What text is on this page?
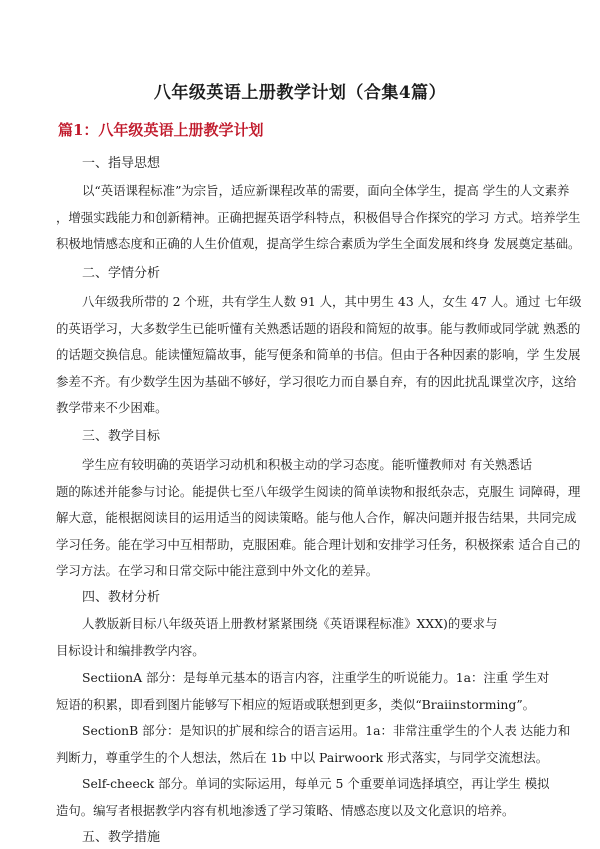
八年级英语上册教学计划（合集4篇）
篇1：八年级英语上册教学计划
一、指导思想
以“英语课程标准”为宗旨，适应新课程改革的需要，面向全体学生，提高 学生的人文素养
，增强实践能力和创新精神。正确把握英语学科特点，积极倡导合作探究的学习 方式。培养学生
积极地情感态度和正确的人生价值观，提高学生综合素质为学生全面发展和终身 发展奠定基础。
二、学情分析
八年级我所带的 2 个班，共有学生人数 91 人，其中男生 43 人，女生 47 人。通过 七年级
的英语学习，大多数学生已能听懂有关熟悉话题的语段和简短的故事。能与教师或同学就 熟悉的
的话题交换信息。能读懂短篇故事，能写便条和简单的书信。但由于各种因素的影响，学 生发展
参差不齐。有少数学生因为基础不够好，学习很吃力而自暴自弃，有的因此扰乱课堂次序，这给
教学带来不少困难。
三、教学目标
学生应有较明确的英语学习动机和积极主动的学习态度。能听懂教师对 有关熟悉话
题的陈述并能参与讨论。能提供七至八年级学生阅读的简单读物和报纸杂志，克服生 词障碍，理
解大意，能根据阅读目的运用适当的阅读策略。能与他人合作，解决问题并报告结果，共同完成
学习任务。能在学习中互相帮助，克服困难。能合理计划和安排学习任务，积极探索 适合自己的
学习方法。在学习和日常交际中能注意到中外文化的差异。
四、教材分析
人教版新目标八年级英语上册教材紧紧围绕《英语课程标准》XXX)的要求与
目标设计和编排教学内容。
SectiionA 部分：是每单元基本的语言内容，注重学生的听说能力。1a：注重 学生对
短语的积累，即看到图片能够写下相应的短语或联想到更多，类似“Braiinstorming”。
SectionB 部分：是知识的扩展和综合的语言运用。1a：非常注重学生的个人表 达能力和
判断力，尊重学生的个人想法，然后在 1b 中以 Pairwoork 形式落实，与同学交流想法。
Self-cheeck 部分。单词的实际运用，每单元 5 个重要单词选择填空，再让学生 模拟
造句。编写者根据教学内容有机地渗透了学习策略、情感态度以及文化意识的培养。
五、教学措施
